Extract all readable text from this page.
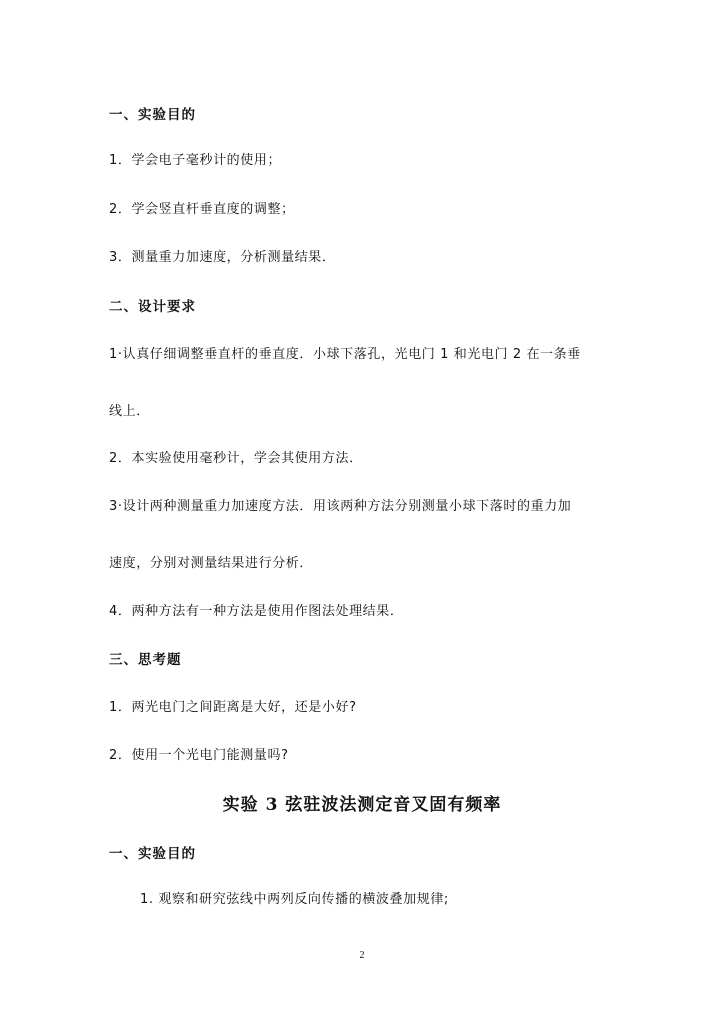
一、实验目的
1．学会电子毫秒计的使用；
2．学会竖直杆垂直度的调整；
3．测量重力加速度，分析测量结果．
二、设计要求
1·认真仔细调整垂直杆的垂直度．小球下落孔，光电门 1 和光电门 2 在一条垂
线上．
2．本实验使用毫秒计，学会其使用方法．
3·设计两种测量重力加速度方法．用该两种方法分别测量小球下落时的重力加
速度，分别对测量结果进行分析．
4．两种方法有一种方法是使用作图法处理结果．
三、思考题
1．两光电门之间距离是大好，还是小好?
2．使用一个光电门能测量吗?
实验 3 弦驻波法测定音叉固有频率
一、实验目的
1. 观察和研究弦线中两列反向传播的横波叠加规律;
2
